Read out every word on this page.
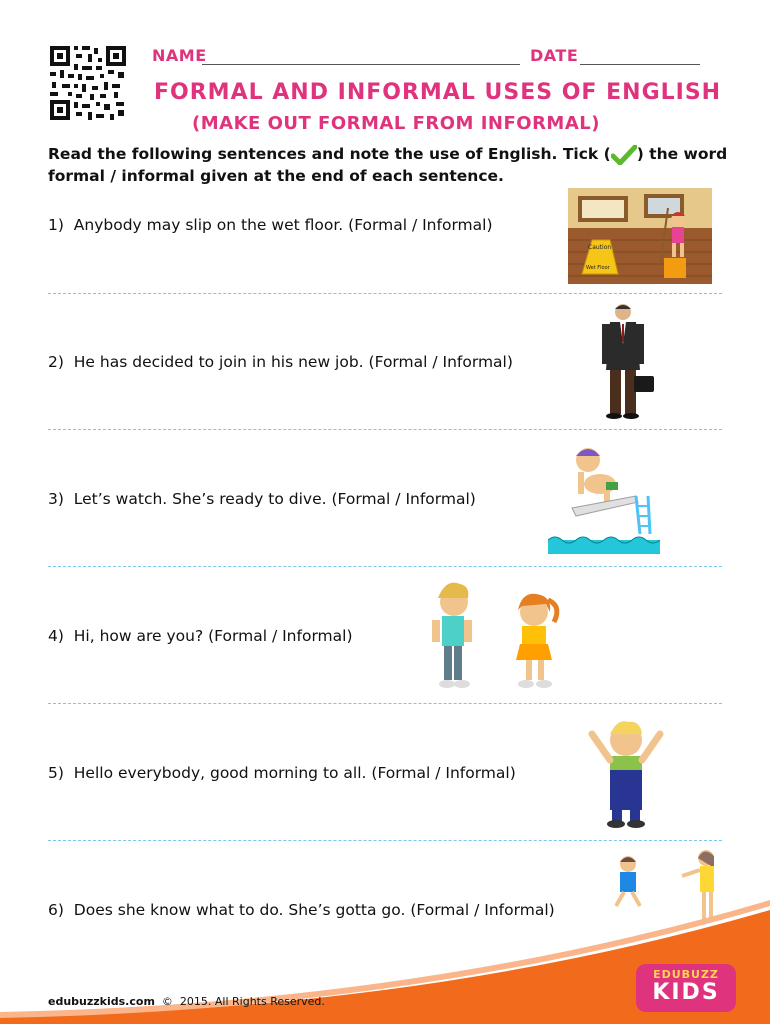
NAME	DATE
FORMAL AND INFORMAL USES OF ENGLISH
(MAKE OUT FORMAL FROM INFORMAL)
Read the following sentences and note the use of English. Tick ( ) the word
formal / informal given at the end of each sentence.
1) Anybody may slip on the wet floor. (Formal / Informal)
Caution
Wet Floor
2) He has decided to join in his new job. (Formal / Informal)
3) Let’s watch. She’s ready to dive. (Formal / Informal)
4) Hi, how are you? (Formal / Informal)
5) Hello everybody, good morning to all. (Formal / Informal)
6) Does she know what to do. She’s gotta go. (Formal / Informal)
EDUBUZZ
KIDS
edubuzzkids.com © 2015. All Rights Reserved.
